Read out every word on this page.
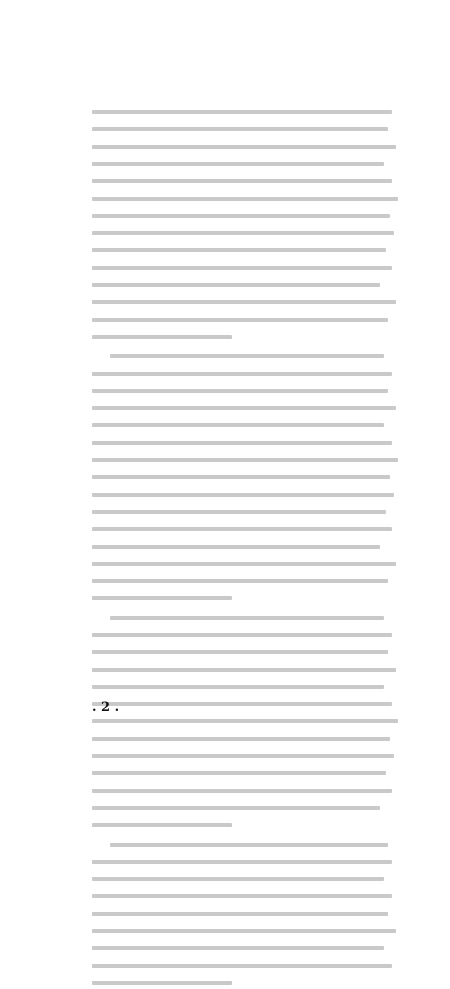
. 2 .
